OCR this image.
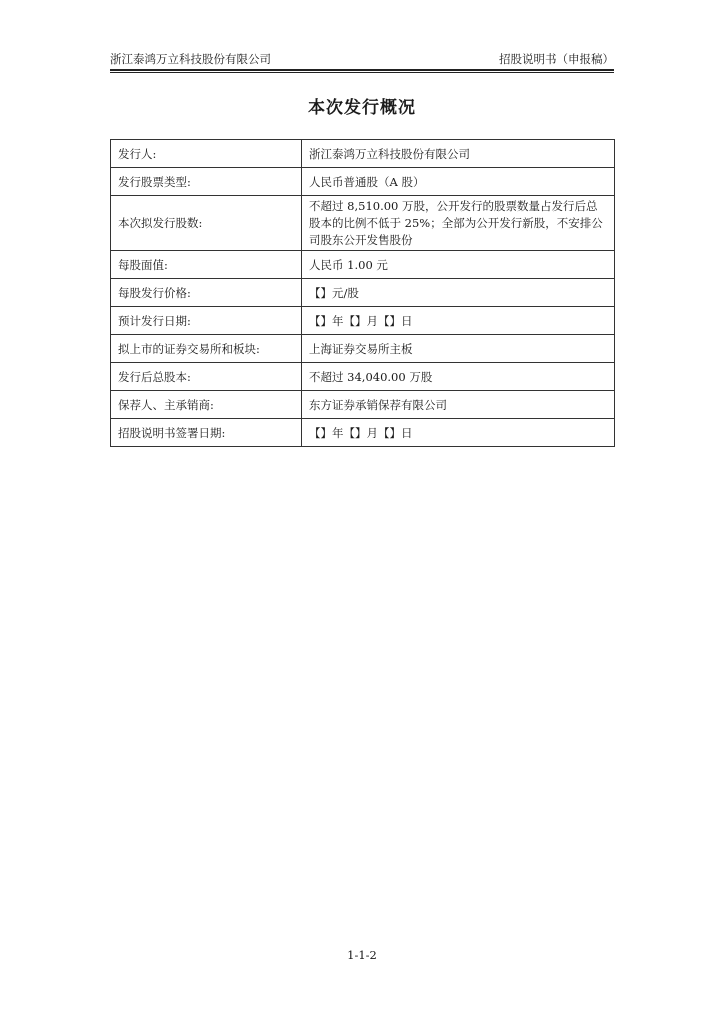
浙江泰鸿万立科技股份有限公司	招股说明书（申报稿）
本次发行概况
发行人:	浙江泰鸿万立科技股份有限公司
发行股票类型:	人民币普通股（A 股）
本次拟发行股数:	不超过 8,510.00 万股，公开发行的股票数量占发行后总股本的比例不低于 25%；全部为公开发行新股，不安排公司股东公开发售股份
每股面值:	人民币 1.00 元
每股发行价格:	【】元/股
预计发行日期:	【】年【】月【】日
拟上市的证券交易所和板块:	上海证券交易所主板
发行后总股本:	不超过 34,040.00 万股
保荐人、主承销商:	东方证券承销保荐有限公司
招股说明书签署日期:	【】年【】月【】日
1-1-2
